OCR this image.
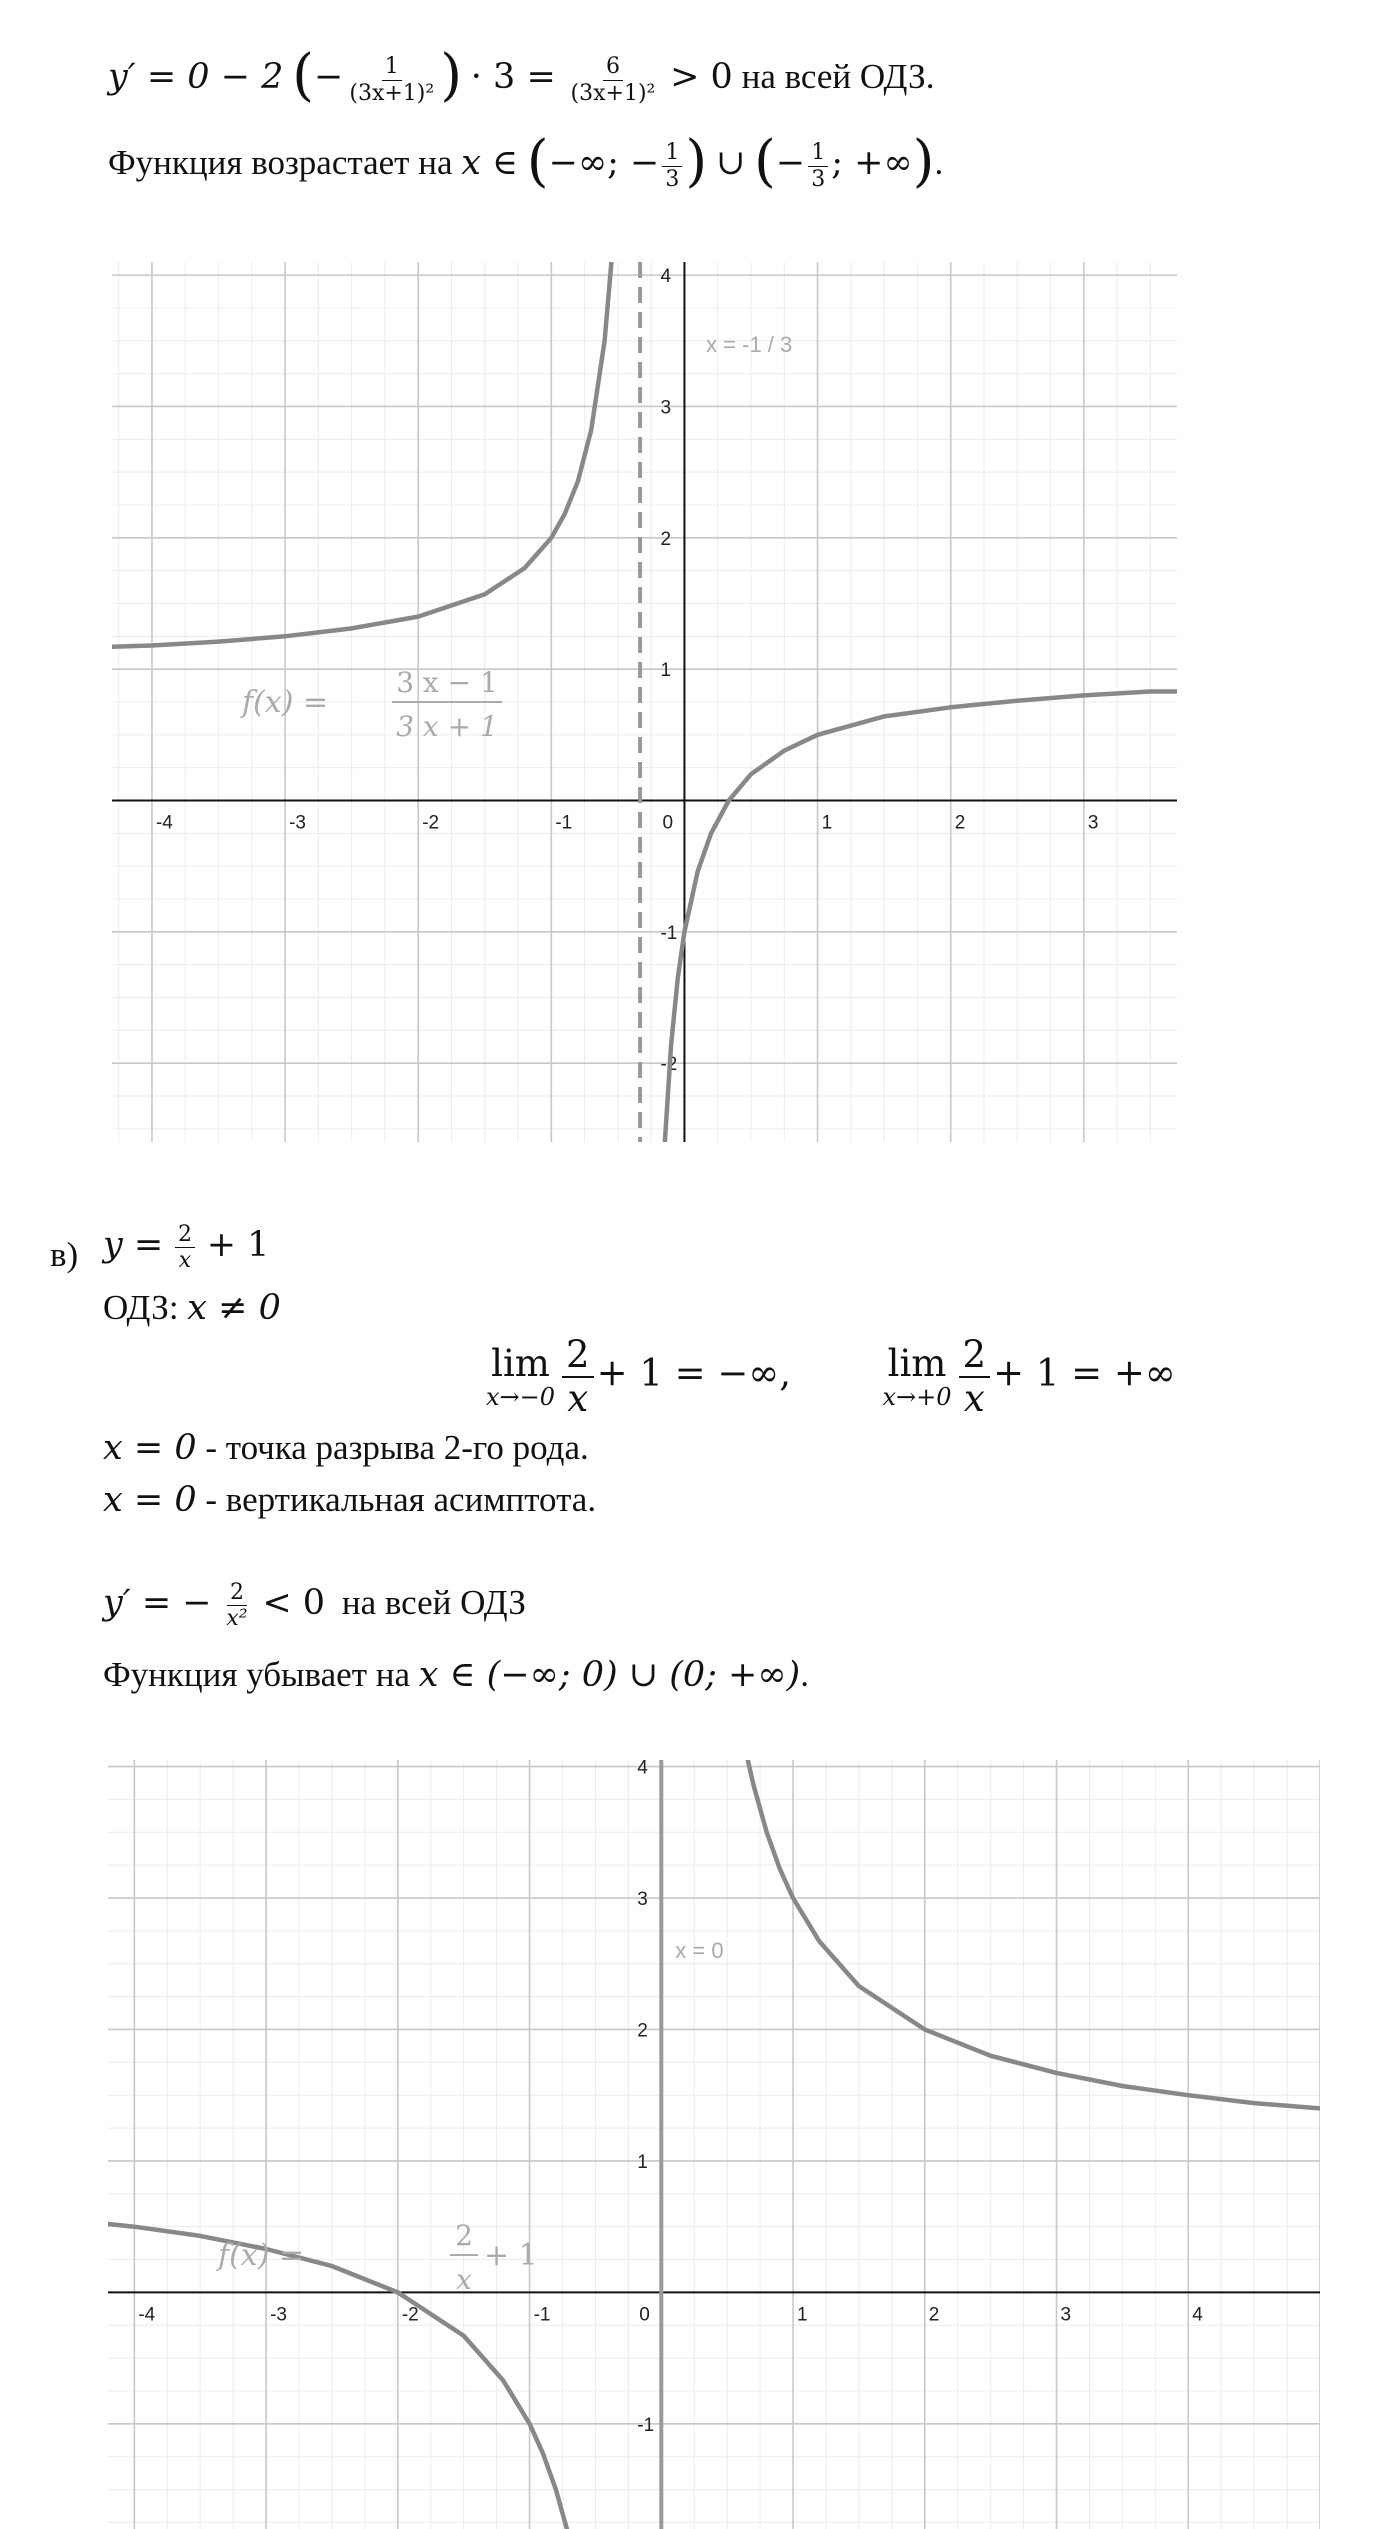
y′ = 0 − 2 (− $\frac{1}{\text{(3x+1)²}}$ ) · $3 = \frac{6}{\text{(3x+1)²}} > 0$ на всей ОДЗ.
Функция возрастает на x ∈ (−∞; − $\frac{1}{3}$ ) ∪ (− $\frac{1}{3}$ ; +∞).
-4	-3	-2	-1	0	1	2	3
-2
-1
1
2
3
4
x = -1 / 3
f(x) =
3 x − 1
3 x + 1
в) $y = \frac{2}{x} + 1$
ОДЗ: x ≠ 0
lim
$x\to-0 \frac{2}{x} + 1$ = −∞,	lim
$x\to+0 \frac{2}{x} + 1$ = +∞
x = 0 - точка разрыва 2-го рода.
x = 0 - вертикальная асимптота.
y′ = − $\frac{2}{\text{x²}} < 0$ на всей ОДЗ
Функция убывает на x ∈ (−∞; 0) ∪ (0; +∞).
-4	-3	-2	-1	0	1	2	3	4
-1
1
2
3
4
x = 0
f(x) =
2
x
+ 1
